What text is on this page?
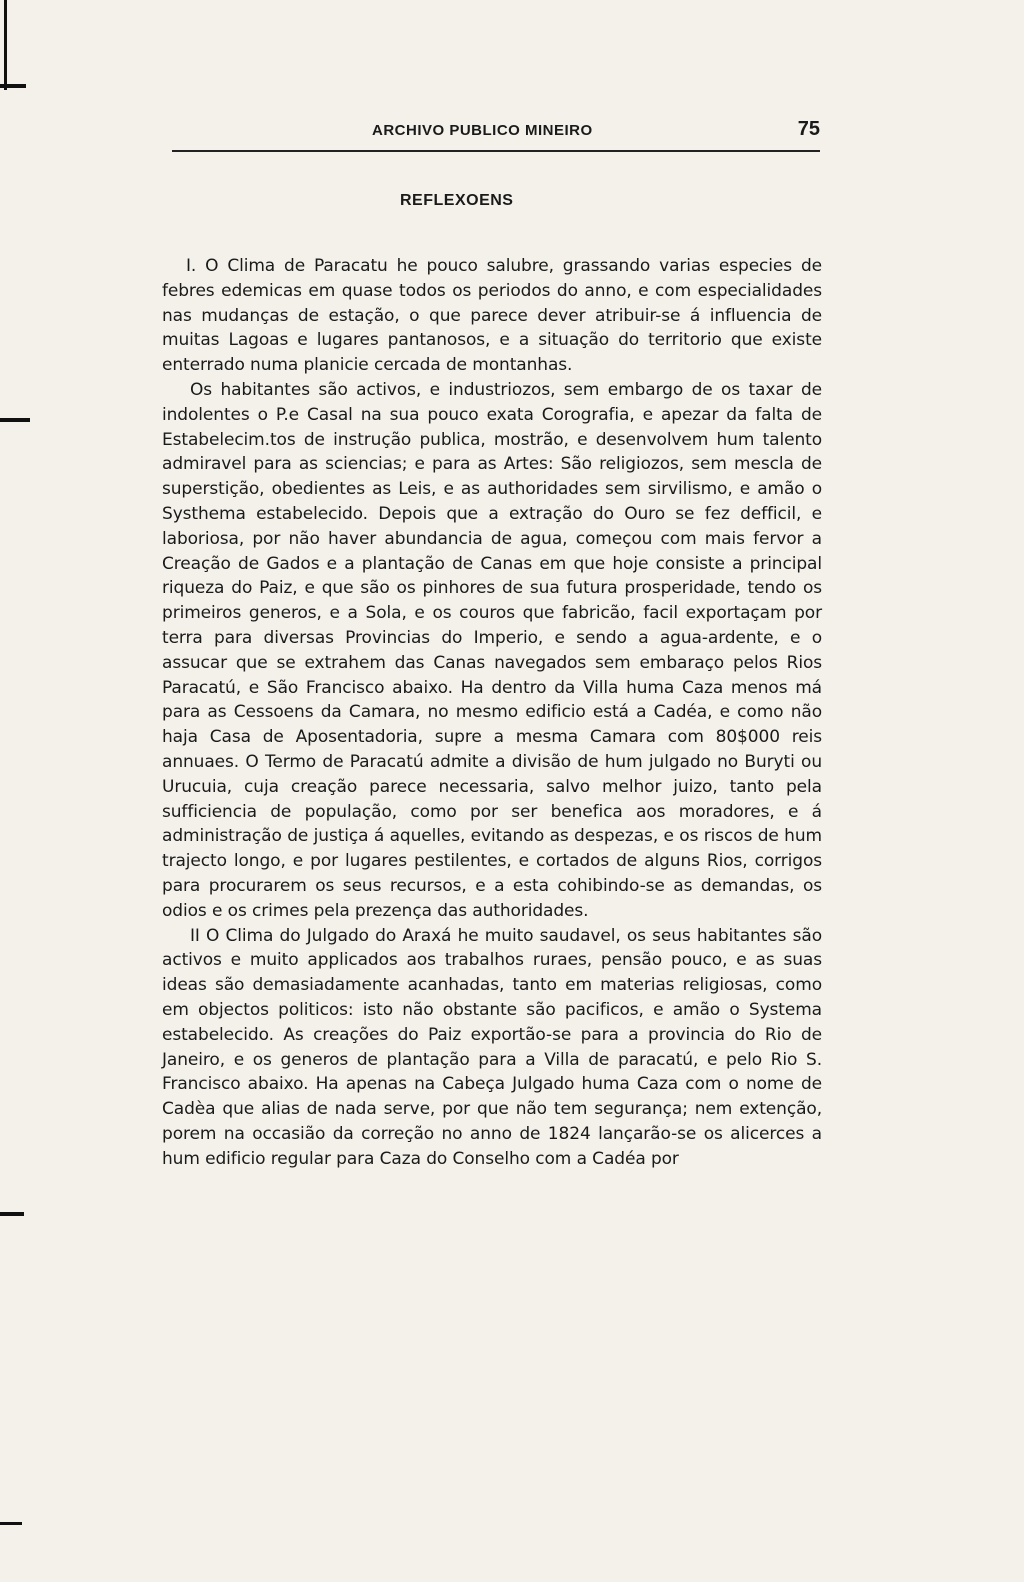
ARCHIVO PUBLICO MINEIRO	75
REFLEXOENS

I. O Clima de Paracatu he pouco salubre, grassando varias especies de febres edemicas em quase todos os periodos do anno, e com especialidades nas mudanças de estação, o que parece dever atribuir-se á influencia de muitas Lagoas e lugares pantanosos, e a situação do territorio que existe enterrado numa planicie cercada de montanhas.

Os habitantes são activos, e industriozos, sem embargo de os taxar de indolentes o P.e Casal na sua pouco exata Corografia, e apezar da falta de Estabelecim.tos de instrução publica, mostrão, e desenvolvem hum talento admiravel para as sciencias; e para as Artes: São religiozos, sem mescla de superstição, obedientes as Leis, e as authoridades sem sirvilismo, e amão o Systhema estabelecido. Depois que a extração do Ouro se fez defficil, e laboriosa, por não haver abundancia de agua, começou com mais fervor a Creação de Gados e a plantação de Canas em que hoje consiste a principal riqueza do Paiz, e que são os pinhores de sua futura prosperidade, tendo os primeiros generos, e a Sola, e os couros que fabricão, facil exportaçam por terra para diversas Provincias do Imperio, e sendo a agua-ardente, e o assucar que se extrahem das Canas navegados sem embaraço pelos Rios Paracatú, e São Francisco abaixo. Ha dentro da Villa huma Caza menos má para as Cessoens da Camara, no mesmo edificio está a Cadéa, e como não haja Casa de Aposentadoria, supre a mesma Camara com 80$000 reis annuaes. O Termo de Paracatú admite a divisão de hum julgado no Buryti ou Urucuia, cuja creação parece necessaria, salvo melhor juizo, tanto pela sufficiencia de população, como por ser benefica aos moradores, e á administração de justiça á aquelles, evitando as despezas, e os riscos de hum trajecto longo, e por lugares pestilentes, e cortados de alguns Rios, corrigos para procurarem os seus recursos, e a esta cohibindo-se as demandas, os odios e os crimes pela prezença das authoridades.

II O Clima do Julgado do Araxá he muito saudavel, os seus habitantes são activos e muito applicados aos trabalhos ruraes, pensão pouco, e as suas ideas são demasiadamente acanhadas, tanto em materias religiosas, como em objectos politicos: isto não obstante são pacificos, e amão o Systema estabelecido. As creações do Paiz exportão-se para a provincia do Rio de Janeiro, e os generos de plantação para a Villa de paracatú, e pelo Rio S. Francisco abaixo. Ha apenas na Cabeça Julgado huma Caza com o nome de Cadèa que alias de nada serve, por que não tem segurança; nem extenção, porem na occasião da correção no anno de 1824 lançarão-se os alicerces a hum edificio regular para Caza do Conselho com a Cadéa por
